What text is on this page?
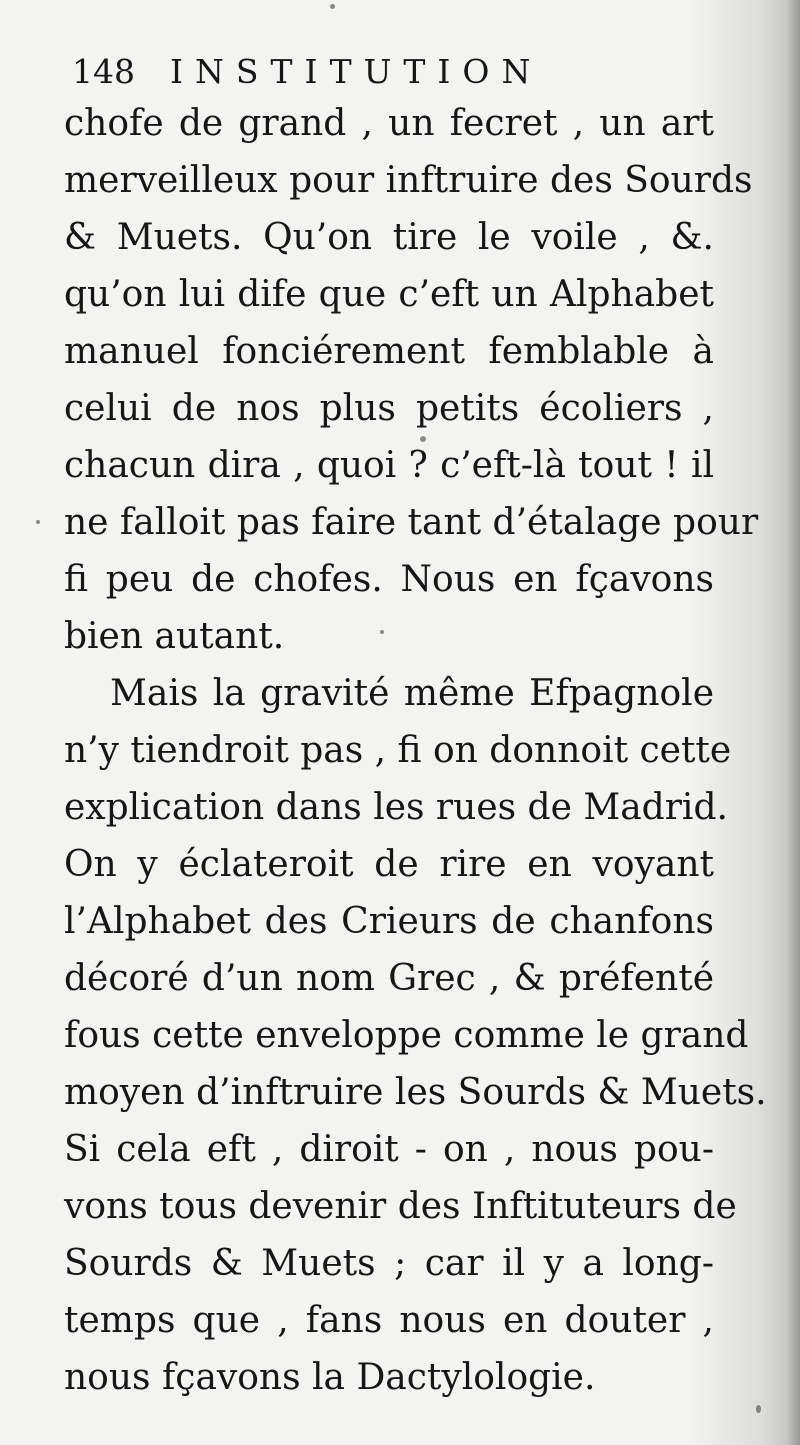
148 INSTITUTION
chofe de grand , un fecret , un art
merveilleux pour inftruire des Sourds
& Muets. Qu’on tire le voile , &.
qu’on lui dife que c’eft un Alphabet
manuel fonciérement femblable à
celui de nos plus petits écoliers ,
chacun dira , quoi ? c’eft-là tout ! il
ne falloit pas faire tant d’étalage pour
fi peu de chofes. Nous en fçavons
bien autant.
Mais la gravité même Efpagnole
n’y tiendroit pas , fi on donnoit cette
explication dans les rues de Madrid.
On y éclateroit de rire en voyant
l’Alphabet des Crieurs de chanfons
décoré d’un nom Grec , & préfenté
fous cette enveloppe comme le grand
moyen d’inftruire les Sourds & Muets.
Si cela eft , diroit - on , nous pou-
vons tous devenir des Inftituteurs de
Sourds & Muets ; car il y a long-
temps que , fans nous en douter ,
nous fçavons la Dactylologie.
